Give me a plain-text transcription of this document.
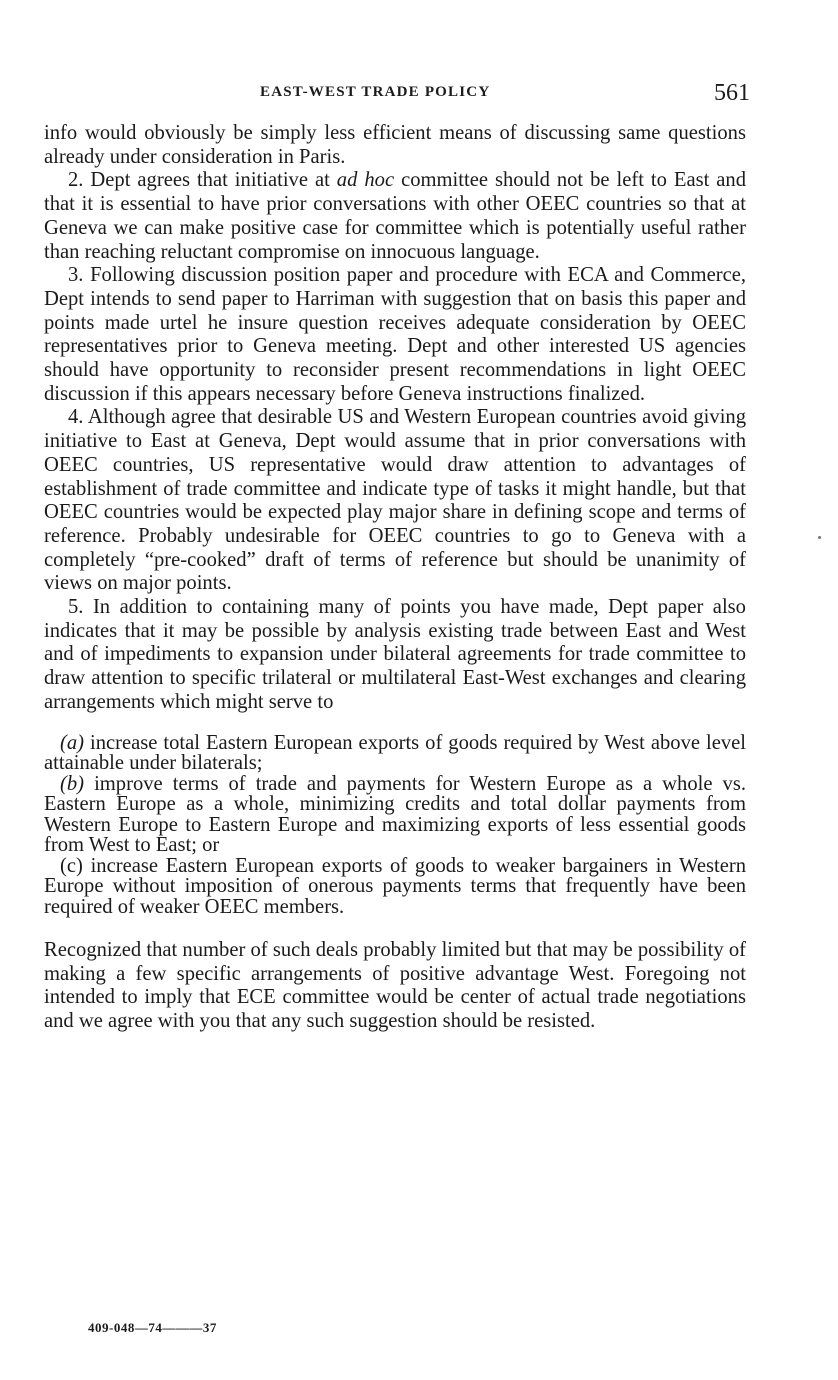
EAST-WEST TRADE POLICY	561

info would obviously be simply less efficient means of discussing same questions already under consideration in Paris.

2. Dept agrees that initiative at ad hoc committee should not be left to East and that it is essential to have prior conversations with other OEEC countries so that at Geneva we can make positive case for committee which is potentially useful rather than reaching reluctant compromise on innocuous language.

3. Following discussion position paper and procedure with ECA and Commerce, Dept intends to send paper to Harriman with suggestion that on basis this paper and points made urtel he insure question receives adequate consideration by OEEC representatives prior to Geneva meeting. Dept and other interested US agencies should have opportunity to reconsider present recommendations in light OEEC discussion if this appears necessary before Geneva instructions finalized.

4. Although agree that desirable US and Western European countries avoid giving initiative to East at Geneva, Dept would assume that in prior conversations with OEEC countries, US representative would draw attention to advantages of establishment of trade committee and indicate type of tasks it might handle, but that OEEC countries would be expected play major share in defining scope and terms of reference. Probably undesirable for OEEC countries to go to Geneva with a completely “pre-cooked” draft of terms of reference but should be unanimity of views on major points.

5. In addition to containing many of points you have made, Dept paper also indicates that it may be possible by analysis existing trade between East and West and of impediments to expansion under bilateral agreements for trade committee to draw attention to specific trilateral or multilateral East-West exchanges and clearing arrangements which might serve to

(a) increase total Eastern European exports of goods required by West above level attainable under bilaterals;

(b) improve terms of trade and payments for Western Europe as a whole vs. Eastern Europe as a whole, minimizing credits and total dollar payments from Western Europe to Eastern Europe and maximizing exports of less essential goods from West to East; or

(c) increase Eastern European exports of goods to weaker bargainers in Western Europe without imposition of onerous payments terms that frequently have been required of weaker OEEC members.

Recognized that number of such deals probably limited but that may be possibility of making a few specific arrangements of positive advantage West. Foregoing not intended to imply that ECE committee would be center of actual trade negotiations and we agree with you that any such suggestion should be resisted.

409-048—74———37
